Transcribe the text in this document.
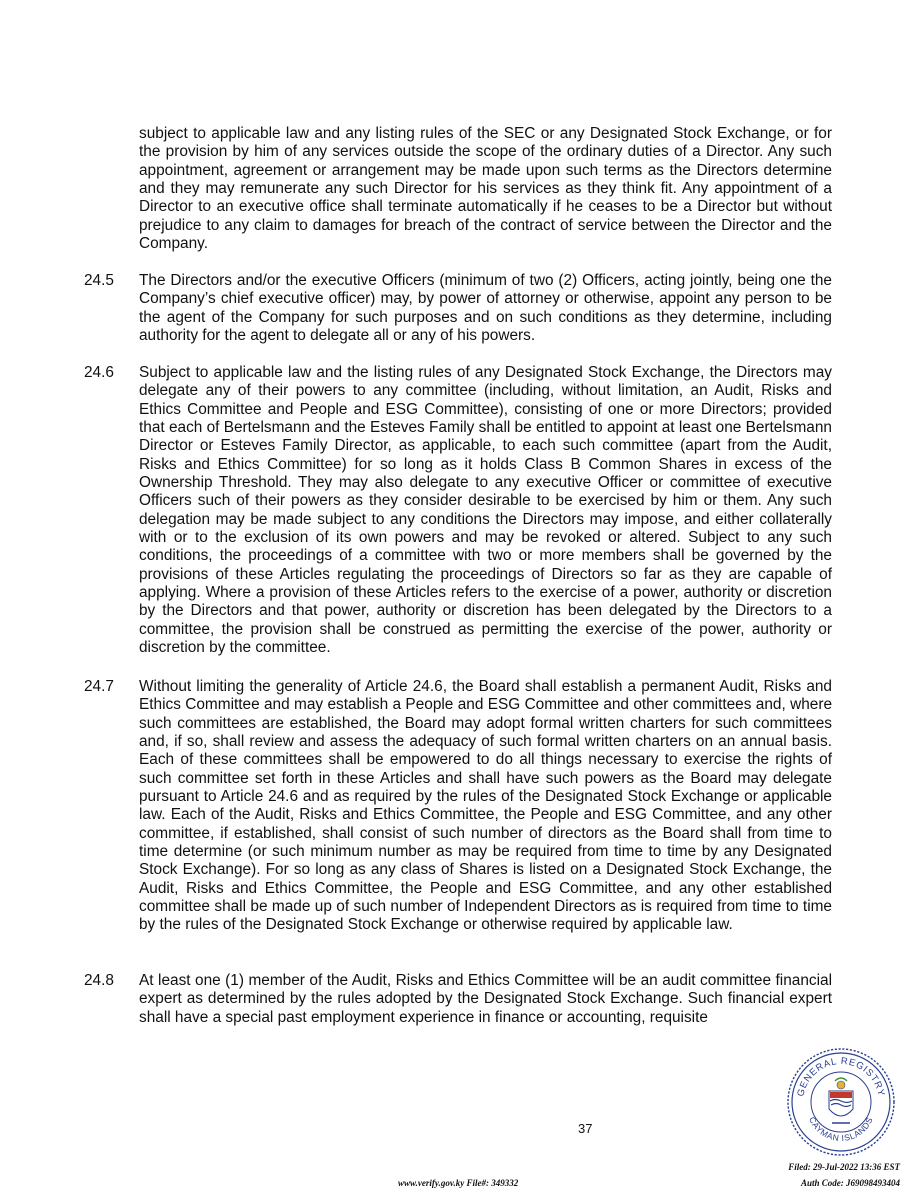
subject to applicable law and any listing rules of the SEC or any Designated Stock Exchange, or for the provision by him of any services outside the scope of the ordinary duties of a Director. Any such appointment, agreement or arrangement may be made upon such terms as the Directors determine and they may remunerate any such Director for his services as they think fit. Any appointment of a Director to an executive office shall terminate automatically if he ceases to be a Director but without prejudice to any claim to damages for breach of the contract of service between the Director and the Company.

24.5 The Directors and/or the executive Officers (minimum of two (2) Officers, acting jointly, being one the Company’s chief executive officer) may, by power of attorney or otherwise, appoint any person to be the agent of the Company for such purposes and on such conditions as they determine, including authority for the agent to delegate all or any of his powers.

24.6 Subject to applicable law and the listing rules of any Designated Stock Exchange, the Directors may delegate any of their powers to any committee (including, without limitation, an Audit, Risks and Ethics Committee and People and ESG Committee), consisting of one or more Directors; provided that each of Bertelsmann and the Esteves Family shall be entitled to appoint at least one Bertelsmann Director or Esteves Family Director, as applicable, to each such committee (apart from the Audit, Risks and Ethics Committee) for so long as it holds Class B Common Shares in excess of the Ownership Threshold. They may also delegate to any executive Officer or committee of executive Officers such of their powers as they consider desirable to be exercised by him or them. Any such delegation may be made subject to any conditions the Directors may impose, and either collaterally with or to the exclusion of its own powers and may be revoked or altered. Subject to any such conditions, the proceedings of a committee with two or more members shall be governed by the provisions of these Articles regulating the proceedings of Directors so far as they are capable of applying. Where a provision of these Articles refers to the exercise of a power, authority or discretion by the Directors and that power, authority or discretion has been delegated by the Directors to a committee, the provision shall be construed as permitting the exercise of the power, authority or discretion by the committee.

24.7 Without limiting the generality of Article 24.6, the Board shall establish a permanent Audit, Risks and Ethics Committee and may establish a People and ESG Committee and other committees and, where such committees are established, the Board may adopt formal written charters for such committees and, if so, shall review and assess the adequacy of such formal written charters on an annual basis. Each of these committees shall be empowered to do all things necessary to exercise the rights of such committee set forth in these Articles and shall have such powers as the Board may delegate pursuant to Article 24.6 and as required by the rules of the Designated Stock Exchange or applicable law. Each of the Audit, Risks and Ethics Committee, the People and ESG Committee, and any other committee, if established, shall consist of such number of directors as the Board shall from time to time determine (or such minimum number as may be required from time to time by any Designated Stock Exchange). For so long as any class of Shares is listed on a Designated Stock Exchange, the Audit, Risks and Ethics Committee, the People and ESG Committee, and any other established committee shall be made up of such number of Independent Directors as is required from time to time by the rules of the Designated Stock Exchange or otherwise required by applicable law.

24.8 At least one (1) member of the Audit, Risks and Ethics Committee will be an audit committee financial expert as determined by the rules adopted by the Designated Stock Exchange. Such financial expert shall have a special past employment experience in finance or accounting, requisite

37
GENERAL REGISTRY
CAYMAN ISLANDS
www.verify.gov.ky File#: 349332
Filed: 29-Jul-2022 13:36 EST
Auth Code: J69098493404
